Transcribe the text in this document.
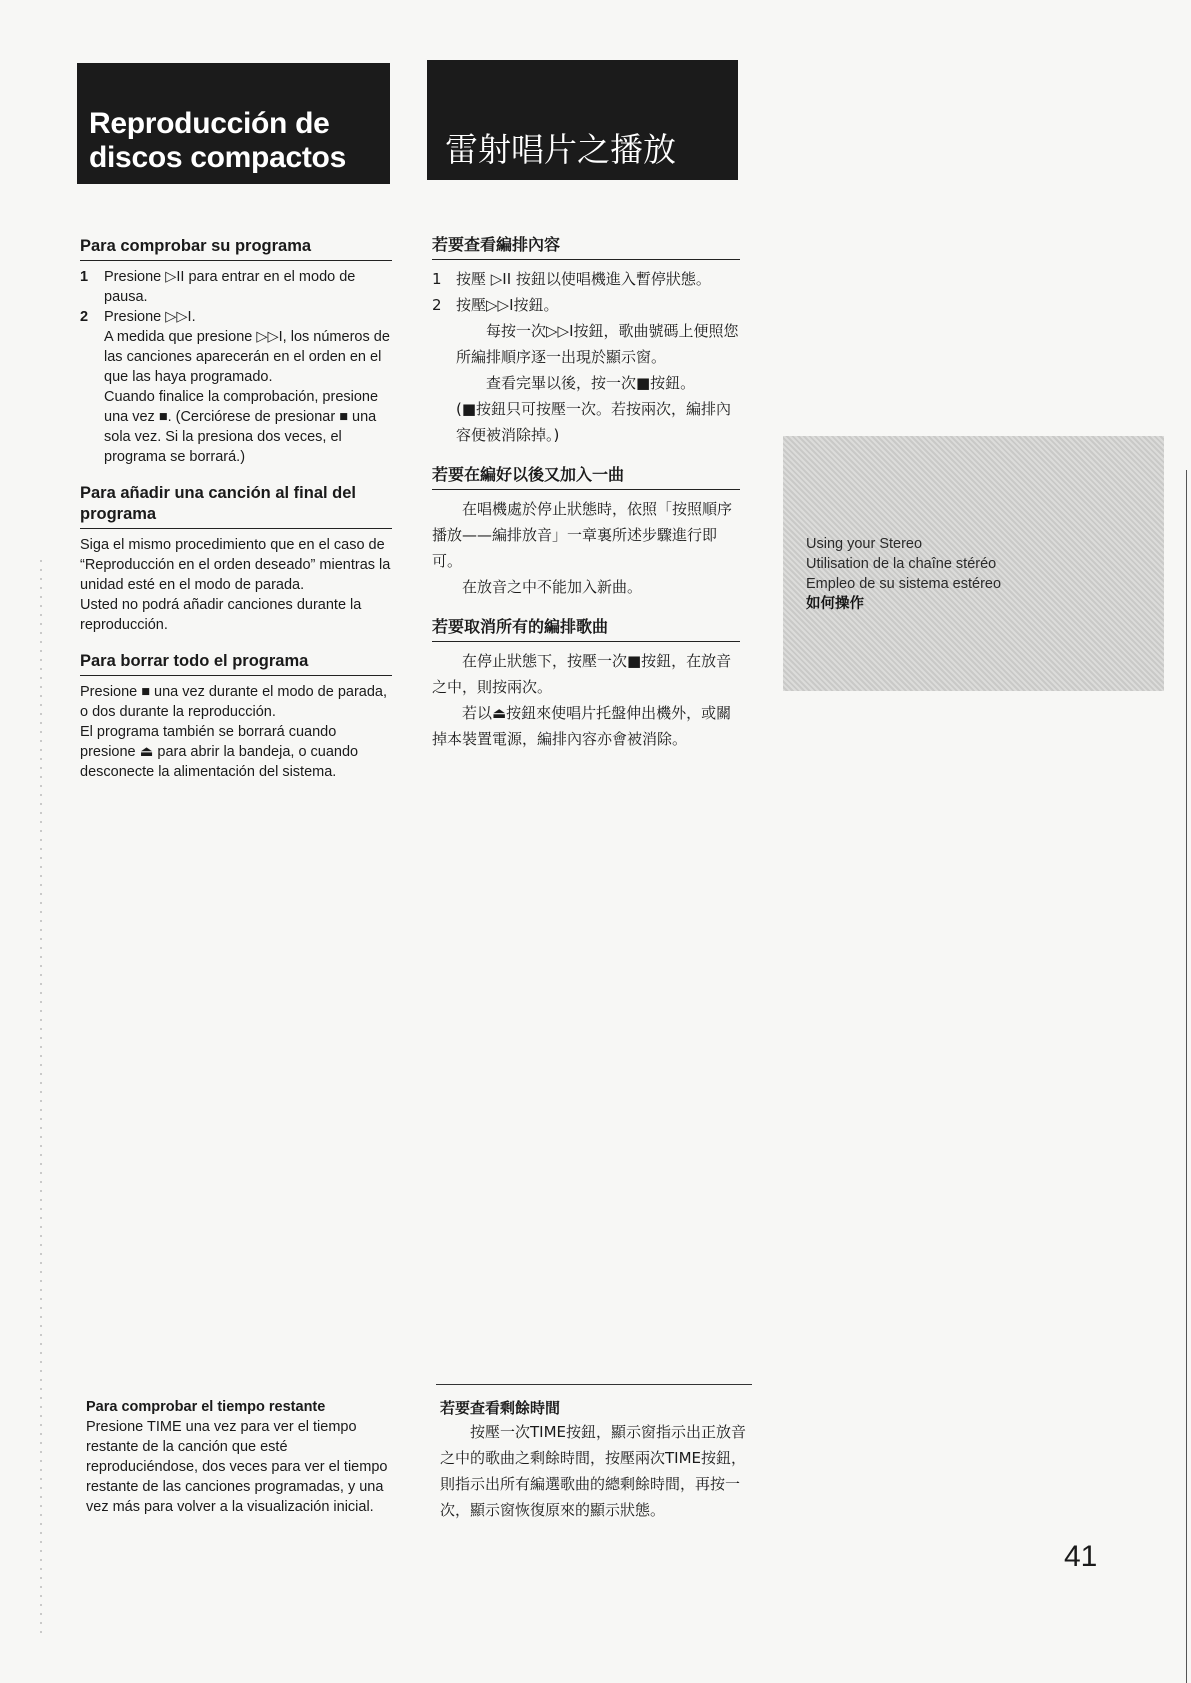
Reproducción de
discos compactos	雷射唱片之播放
Para comprobar su programa
1 Presione ▷II para entrar en el modo de pausa.
2 Presione ▷▷I.

A medida que presione ▷▷I, los números de las canciones aparecerán en el orden en el que las haya programado.

Cuando finalice la comprobación, presione una vez ■. (Cerciórese de presionar ■ una sola vez. Si la presiona dos veces, el programa se borrará.)

Para añadir una canción al final del programa

Siga el mismo procedimiento que en el caso de “Reproducción en el orden deseado” mientras la unidad esté en el modo de parada.

Usted no podrá añadir canciones durante la reproducción.

Para borrar todo el programa

Presione ■ una vez durante el modo de parada, o dos durante la reproducción.

El programa también se borrará cuando presione ⏏ para abrir la bandeja, o cuando desconecte la alimentación del sistema.

若要查看編排內容
1 按壓 ▷II 按鈕以使唱機進入暫停狀態。
2 按壓▷▷I按鈕。

每按一次▷▷I按鈕，歌曲號碼上便照您所編排順序逐一出現於顯示窗。

查看完畢以後，按一次■按鈕。

(■按鈕只可按壓一次。若按兩次，編排內容便被消除掉。)

若要在編好以後又加入一曲

在唱機處於停止狀態時，依照「按照順序播放——編排放音」一章裏所述步驟進行即可。

在放音之中不能加入新曲。

若要取消所有的編排歌曲

在停止狀態下，按壓一次■按鈕，在放音之中，則按兩次。

若以⏏按鈕來使唱片托盤伸出機外，或關掉本裝置電源，編排內容亦會被消除。

Using your Stereo
Utilisation de la chaîne stéréo
Empleo de su sistema estéreo
如何操作
Para comprobar el tiempo restante

Presione TIME una vez para ver el tiempo restante de la canción que esté reproduciéndose, dos veces para ver el tiempo restante de las canciones programadas, y una vez más para volver a la visualización inicial.

若要查看剩餘時間

按壓一次TIME按鈕，顯示窗指示出正放音之中的歌曲之剩餘時間，按壓兩次TIME按鈕，則指示出所有編選歌曲的總剩餘時間，再按一次，顯示窗恢復原來的顯示狀態。

41
